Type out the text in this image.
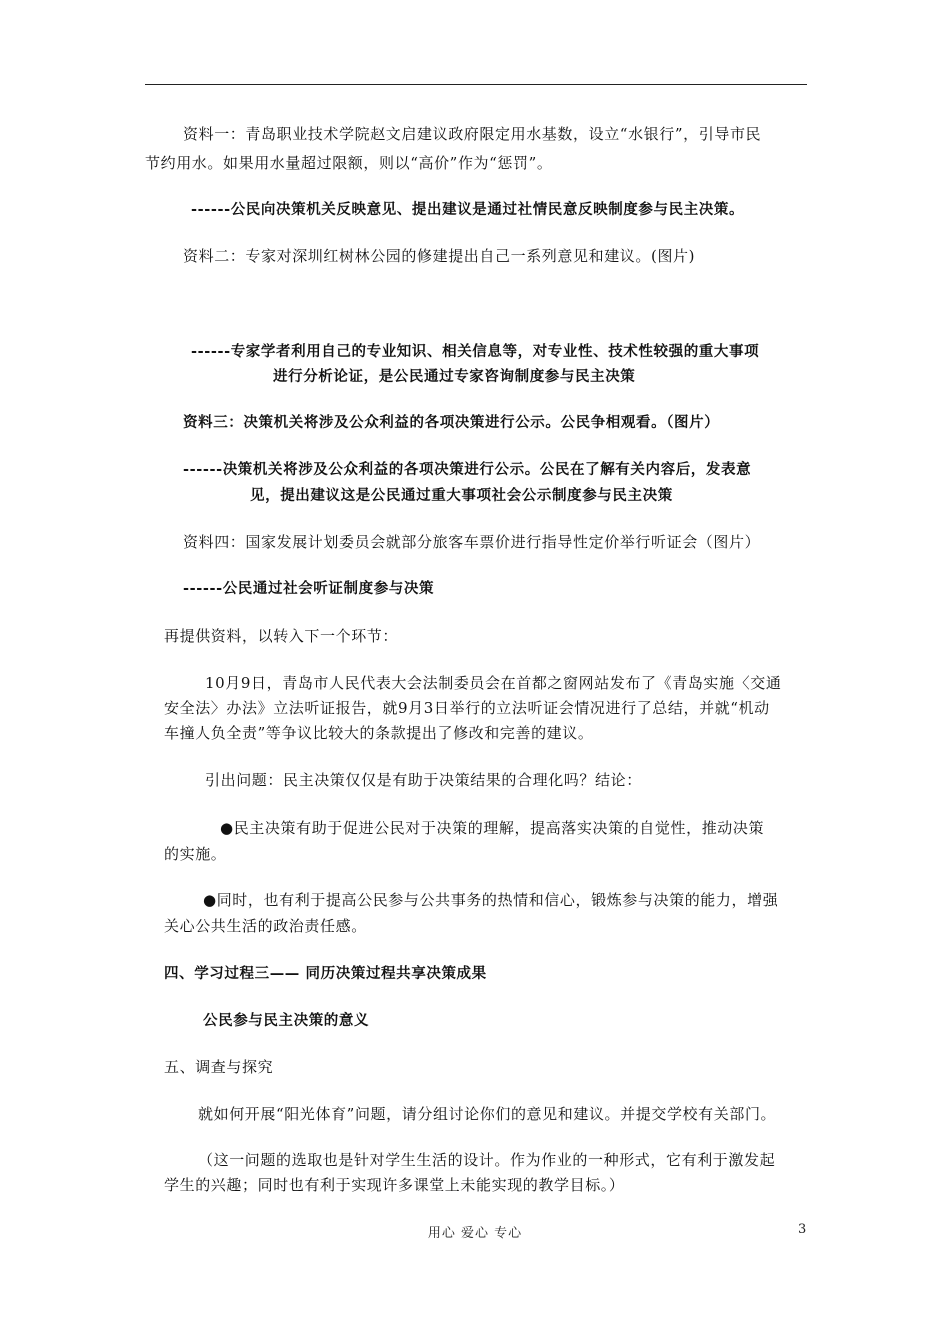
资料一：青岛职业技术学院赵文启建议政府限定用水基数，设立“水银行”，引导市民
节约用水。如果用水量超过限额，则以“高价”作为“惩罚”。
------公民向决策机关反映意见、提出建议是通过社情民意反映制度参与民主决策。
资料二：专家对深圳红树林公园的修建提出自己一系列意见和建议。(图片)
------专家学者利用自己的专业知识、相关信息等，对专业性、技术性较强的重大事项
进行分析论证，是公民通过专家咨询制度参与民主决策
资料三：决策机关将涉及公众利益的各项决策进行公示。公民争相观看。（图片）
------决策机关将涉及公众利益的各项决策进行公示。公民在了解有关内容后，发表意
见，提出建议这是公民通过重大事项社会公示制度参与民主决策
资料四：国家发展计划委员会就部分旅客车票价进行指导性定价举行听证会（图片）
------公民通过社会听证制度参与决策
再提供资料，以转入下一个环节：
10月9日，青岛市人民代表大会法制委员会在首都之窗网站发布了《青岛实施〈交通
安全法〉办法》立法听证报告，就9月3日举行的立法听证会情况进行了总结，并就“机动
车撞人负全责”等争议比较大的条款提出了修改和完善的建议。
引出问题：民主决策仅仅是有助于决策结果的合理化吗？结论：
●民主决策有助于促进公民对于决策的理解，提高落实决策的自觉性，推动决策
的实施。
●同时，也有利于提高公民参与公共事务的热情和信心，锻炼参与决策的能力，增强
关心公共生活的政治责任感。
四、学习过程三—— 同历决策过程共享决策成果
公民参与民主决策的意义
五、调查与探究
就如何开展“阳光体育”问题，请分组讨论你们的意见和建议。并提交学校有关部门。
（这一问题的选取也是针对学生生活的设计。作为作业的一种形式，它有利于激发起
学生的兴趣；同时也有利于实现许多课堂上未能实现的教学目标。）
用心 爱心 专心	3
